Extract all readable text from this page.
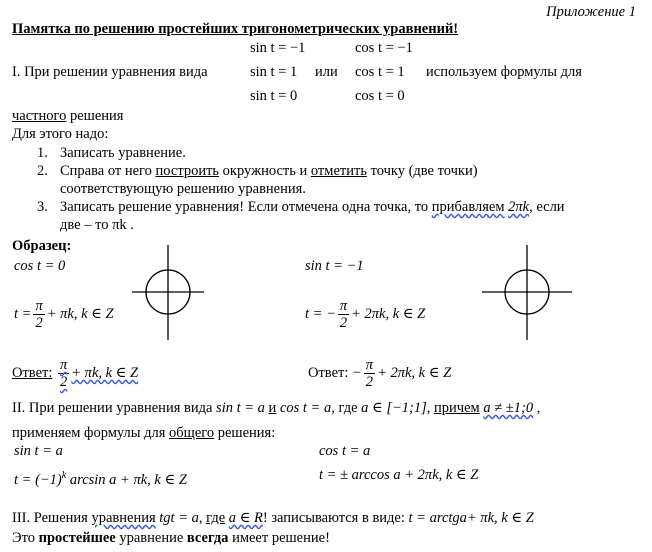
Приложение 1
Памятка по решению простейших тригонометрических уравнений!
sin t = −1	cos t = −1
I. При решении уравнения вида	sin t = 1 или cos t = 1 используем формулы для
sin t = 0	cos t = 0
частного решения
Для этого надо:
1. Записать уравнение.
2. Справа от него построить окружность и отметить точку (две точки)
соответствующую решению уравнения.
3. Записать решение уравнения! Если отмечена одна точка, то прибавляем 2πk, если
две – то πk .
Образец:
cos t = 0	sin t = −1
$t = \frac{\pi}{2} + \pi k$, k ∈ Z	t = − $\frac{\pi}{2} + 2\pi k$, k ∈ Z
Ответ: $\frac{\pi}{2} + \pi k$, k ∈ Z	Ответ: − $\frac{\pi}{2} + 2\pi k$, k ∈ Z
II. При решении уравнения вида sin t = a и cos t = a, где a ∈ [−1;1], причем a ≠ ±1;0 ,
применяем формулы для общего решения:
sin t = a	cos t = a
$t = (-1)^k$ arcsin a + πk, k ∈ Z	t = ± arccos a + 2πk, k ∈ Z
III. Решения уравнения tgt = a, где a ∈ R! записываются в виде: t = arctga+ πk, k ∈ Z
Это простейшее уравнение всегда имеет решение!
